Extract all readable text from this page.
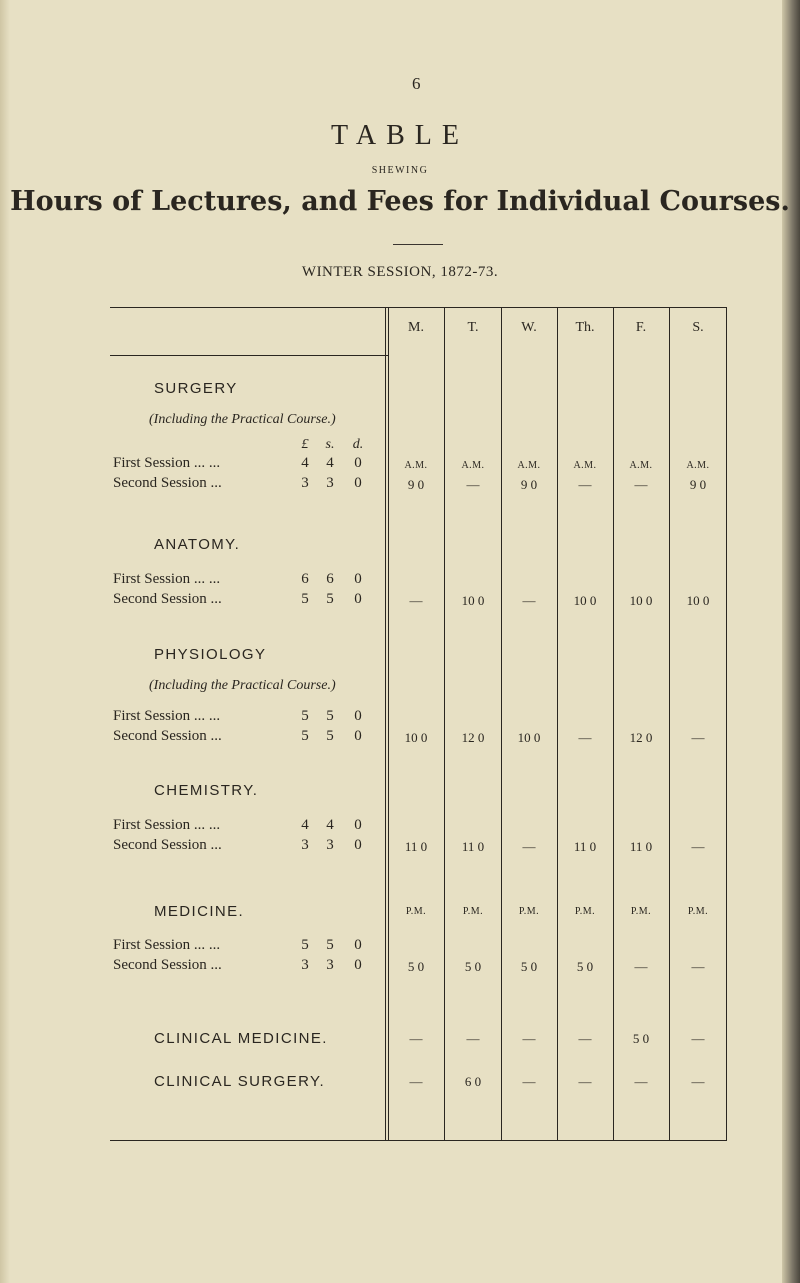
6
TABLE
SHEWING
Hours of Lectures, and Fees for Individual Courses.
WINTER SESSION, 1872-73.
M.	T.	W.	Th.	F.	S.
SURGERY
(Including the Practical Course.)
£	s. d.
First Session ... ...	4 4 0
Second Session ...	3 3 0
A.M.	A.M.	A.M.	A.M.	A.M.	A.M.
9 0	—	9 0	—	—	9 0
ANATOMY.
First Session ... ...	6 6 0
Second Session ...	5 5 0	—	10 0	—	10 0	10 0	10 0
PHYSIOLOGY
(Including the Practical Course.)
First Session ... ...	5 5 0
Second Session ...	5 5 0	10 0	12 0	10 0	—	12 0	—
CHEMISTRY.
First Session ... ...	4 4 0
Second Session ...	3 3 0	11 0	11 0	—	11 0	11 0	—
MEDICINE.	P.M.	P.M.	P.M.	P.M.	P.M.	P.M.
First Session ... ...	5 5 0
Second Session ...	3 3 0	5 0	5 0	5 0	5 0	—	—
CLINICAL MEDICINE.	—	—	—	—	5 0	—
CLINICAL SURGERY.	—	6 0	—	—	—	—
